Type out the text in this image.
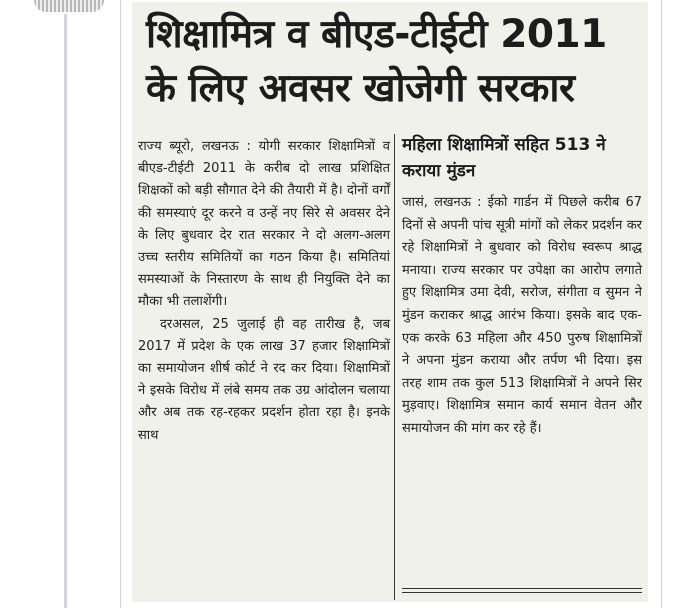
शिक्षामित्र व बीएड-टीईटी 2011
के लिए अवसर खोजेगी सरकार

राज्य ब्यूरो, लखनऊ : योगी सरकार शिक्षामित्रों व बीएड-टीईटी 2011 के करीब दो लाख प्रशिक्षित शिक्षकों को बड़ी सौगात देने की तैयारी में है। दोनों वर्गों की समस्याएं दूर करने व उन्हें नए सिरे से अवसर देने के लिए बुधवार देर रात सरकार ने दो अलग-अलग उच्च स्तरीय समितियों का गठन किया है। समितियां समस्याओं के निस्तारण के साथ ही नियुक्ति देने का मौका भी तलाशेंगी।

दरअसल, 25 जुलाई ही वह तारीख है, जब 2017 में प्रदेश के एक लाख 37 हजार शिक्षामित्रों का समायोजन शीर्ष कोर्ट ने रद कर दिया। शिक्षामित्रों ने इसके विरोध में लंबे समय तक उग्र आंदोलन चलाया और अब तक रह-रहकर प्रदर्शन होता रहा है। इनके साथ

महिला शिक्षामित्रों सहित 513 ने कराया मुंडन

जासं, लखनऊ : ईको गार्डन में पिछले करीब 67 दिनों से अपनी पांच सूत्री मांगों को लेकर प्रदर्शन कर रहे शिक्षामित्रों ने बुधवार को विरोध स्वरूप श्राद्ध मनाया। राज्य सरकार पर उपेक्षा का आरोप लगाते हुए शिक्षामित्र उमा देवी, सरोज, संगीता व सुमन ने मुंडन कराकर श्राद्ध आरंभ किया। इसके बाद एक-एक करके 63 महिला और 450 पुरुष शिक्षामित्रों ने अपना मुंडन कराया और तर्पण भी दिया। इस तरह शाम तक कुल 513 शिक्षामित्रों ने अपने सिर मुड़वाए। शिक्षामित्र समान कार्य समान वेतन और समायोजन की मांग कर रहे हैं।
